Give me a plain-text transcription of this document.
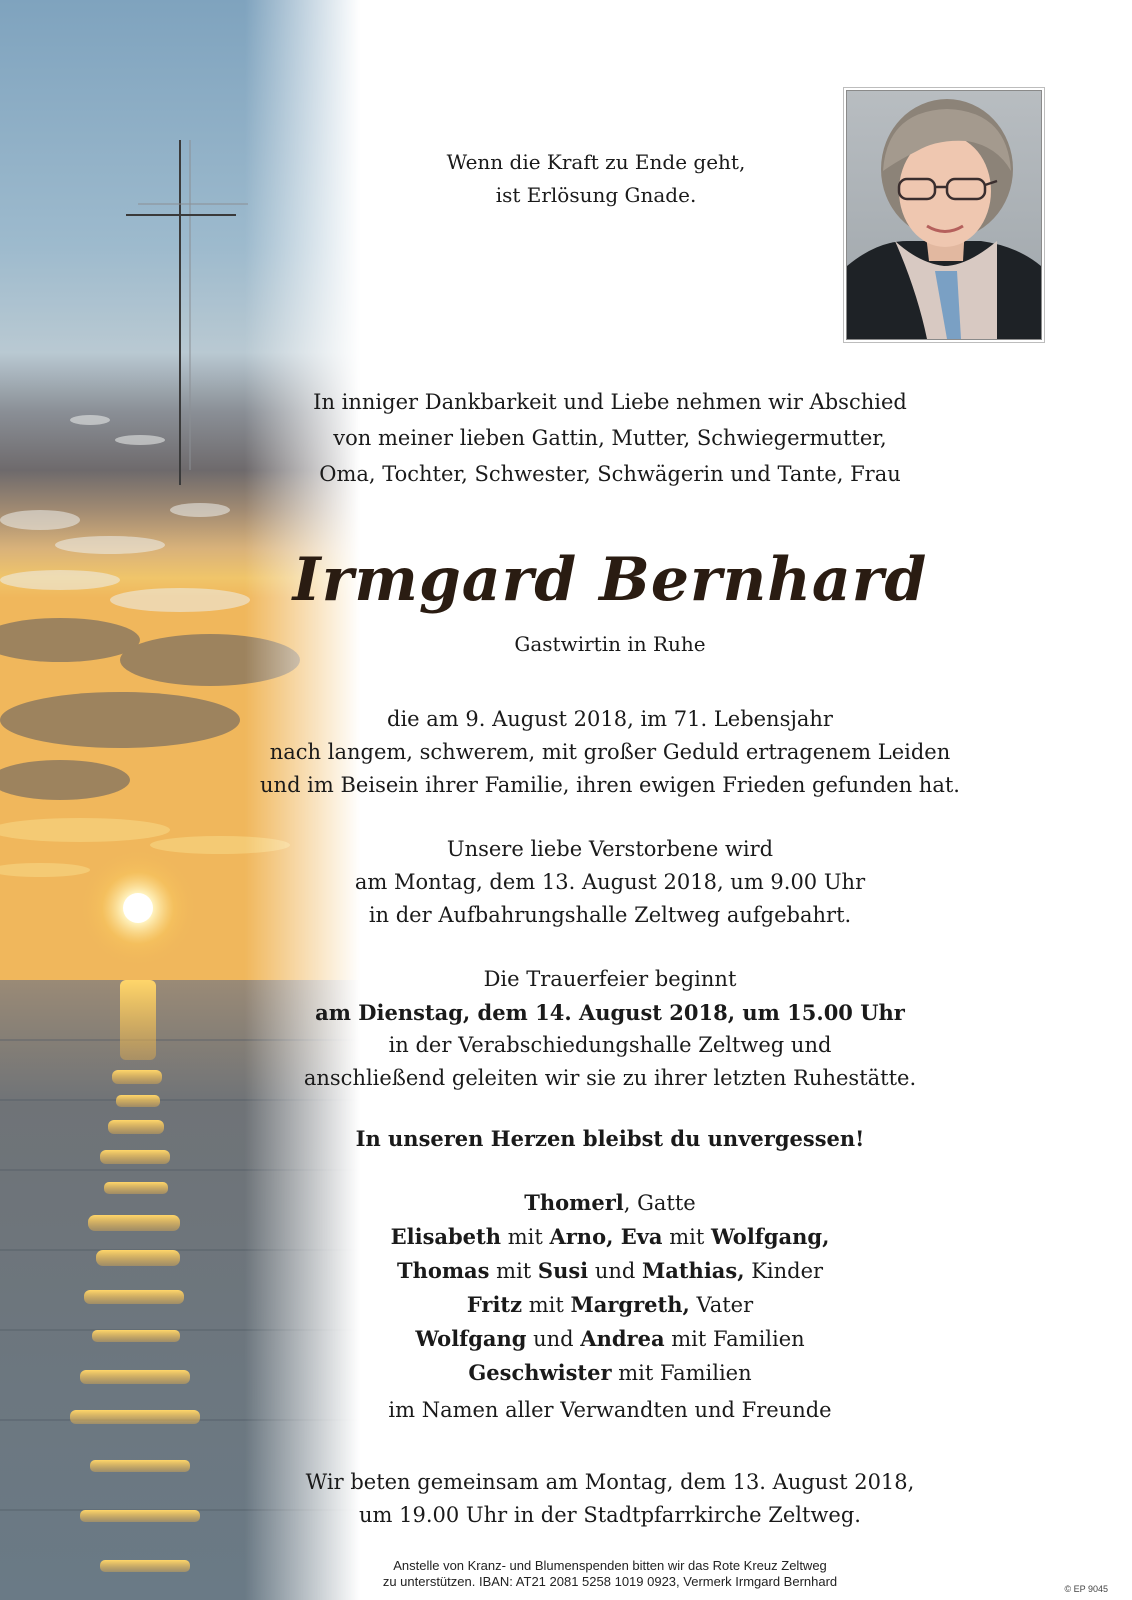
Wenn die Kraft zu Ende geht,
ist Erlösung Gnade.
In inniger Dankbarkeit und Liebe nehmen wir Abschied
von meiner lieben Gattin, Mutter, Schwiegermutter,
Oma, Tochter, Schwester, Schwägerin und Tante, Frau
Irmgard Bernhard
Gastwirtin in Ruhe
die am 9. August 2018, im 71. Lebensjahr
nach langem, schwerem, mit großer Geduld ertragenem Leiden
und im Beisein ihrer Familie, ihren ewigen Frieden gefunden hat.
Unsere liebe Verstorbene wird
am Montag, dem 13. August 2018, um 9.00 Uhr
in der Aufbahrungshalle Zeltweg aufgebahrt.
Die Trauerfeier beginnt
am Dienstag, dem 14. August 2018, um 15.00 Uhr
in der Verabschiedungshalle Zeltweg und
anschließend geleiten wir sie zu ihrer letzten Ruhestätte.
In unseren Herzen bleibst du unvergessen!
Thomerl, Gatte
Elisabeth mit Arno, Eva mit Wolfgang,
Thomas mit Susi und Mathias, Kinder
Fritz mit Margreth, Vater
Wolfgang und Andrea mit Familien
Geschwister mit Familien
im Namen aller Verwandten und Freunde
Wir beten gemeinsam am Montag, dem 13. August 2018,
um 19.00 Uhr in der Stadtpfarrkirche Zeltweg.
Anstelle von Kranz- und Blumenspenden bitten wir das Rote Kreuz Zeltweg
zu unterstützen. IBAN: AT21 2081 5258 1019 0923, Vermerk Irmgard Bernhard	© EP 9045
